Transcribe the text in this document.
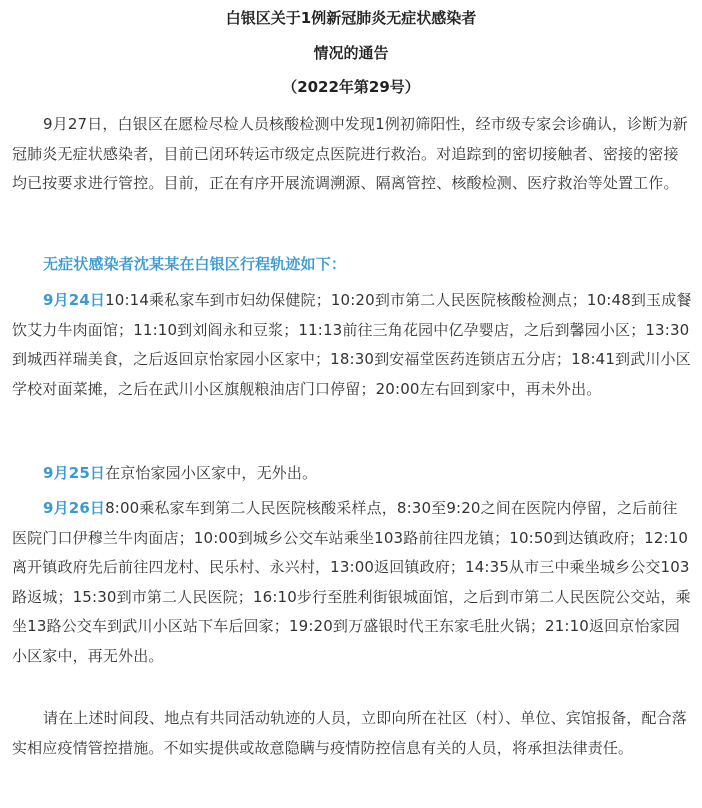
白银区关于1例新冠肺炎无症状感染者
情况的通告
（2022年第29号）

9月27日，白银区在愿检尽检人员核酸检测中发现1例初筛阳性，经市级专家会诊确认，诊断为新冠肺炎无症状感染者，目前已闭环转运市级定点医院进行救治。对追踪到的密切接触者、密接的密接均已按要求进行管控。目前，正在有序开展流调溯源、隔离管控、核酸检测、医疗救治等处置工作。

无症状感染者沈某某在白银区行程轨迹如下：

9月24日10:14乘私家车到市妇幼保健院；10:20到市第二人民医院核酸检测点；10:48到玉成餐饮艾力牛肉面馆；11:10到刘阎永和豆浆；11:13前往三角花园中亿孕婴店，之后到馨园小区；13:30到城西祥瑞美食，之后返回京怡家园小区家中；18:30到安福堂医药连锁店五分店；18:41到武川小区学校对面菜摊，之后在武川小区旗舰粮油店门口停留；20:00左右回到家中，再未外出。

9月25日在京怡家园小区家中，无外出。

9月26日8:00乘私家车到第二人民医院核酸采样点，8:30至9:20之间在医院内停留，之后前往医院门口伊穆兰牛肉面店；10:00到城乡公交车站乘坐103路前往四龙镇；10:50到达镇政府；12:10离开镇政府先后前往四龙村、民乐村、永兴村，13:00返回镇政府；14:35从市三中乘坐城乡公交103路返城；15:30到市第二人民医院；16:10步行至胜利街银城面馆，之后到市第二人民医院公交站，乘坐13路公交车到武川小区站下车后回家；19:20到万盛银时代王东家毛肚火锅；21:10返回京怡家园小区家中，再无外出。

请在上述时间段、地点有共同活动轨迹的人员，立即向所在社区（村）、单位、宾馆报备，配合落实相应疫情管控措施。不如实提供或故意隐瞒与疫情防控信息有关的人员，将承担法律责任。
